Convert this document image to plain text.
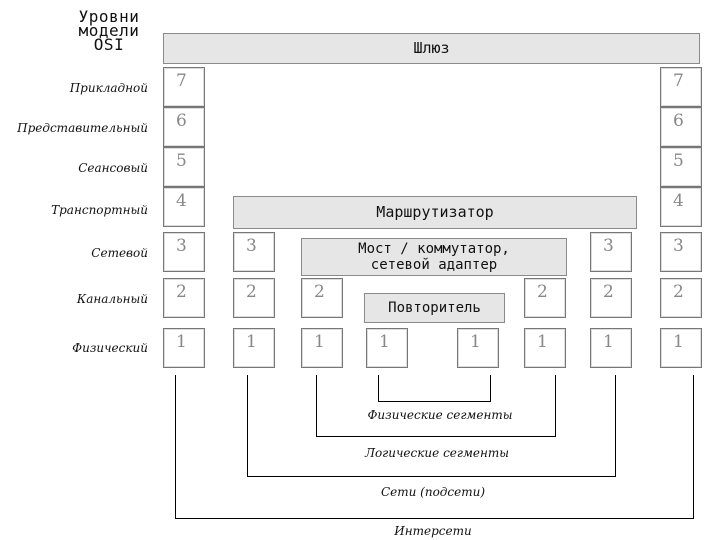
Уровни
модели
OSI	Шлюз
Прикладной
Представительный
Сеансовый
Транспортный
Сетевой
Канальный
Физический
7
6
5
4
3
2
1
7
6
5
4
3
2
1
Маршрутизатор
3
2
1
3
2
1
Мост / коммутатор,
сетевой адаптер
2
1
2
1
Повторитель
1	1
Физические сегменты
Логические сегменты
Сети (подсети)
Интерсети
